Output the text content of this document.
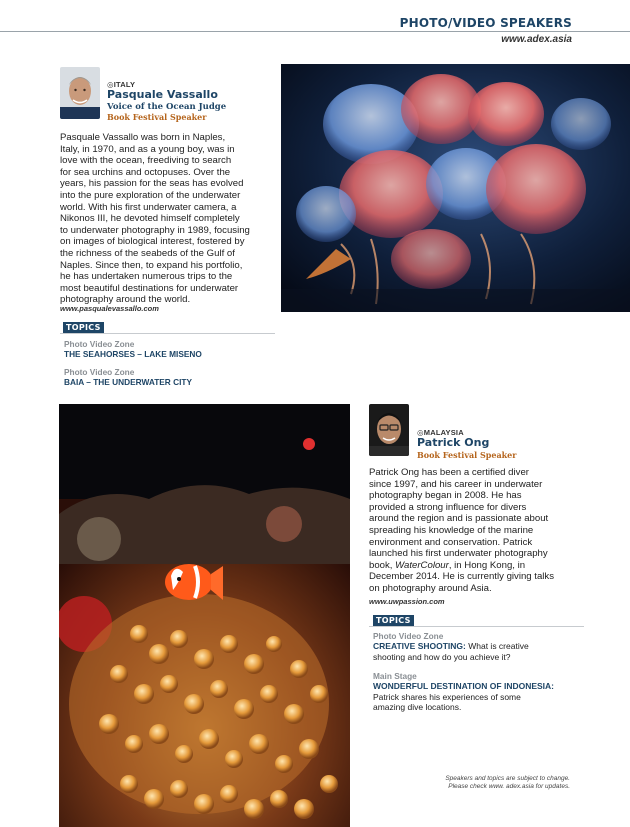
PHOTO/VIDEO SPEAKERS
www.adex.asia
◎ITALY
Pasquale Vassallo
Voice of the Ocean Judge
Book Festival Speaker
Pasquale Vassallo was born in Naples,
Italy, in 1970, and as a young boy, was in
love with the ocean, freediving to search
for sea urchins and octopuses. Over the
years, his passion for the seas has evolved
into the pure exploration of the underwater
world. With his first underwater camera, a
Nikonos III, he devoted himself completely
to underwater photography in 1989, focusing
on images of biological interest, fostered by
the richness of the seabeds of the Gulf of
Naples. Since then, to expand his portfolio,
he has undertaken numerous trips to the
most beautiful destinations for underwater
photography around the world.
www.pasqualevassallo.com
TOPICS
Photo Video Zone
THE SEAHORSES – LAKE MISENO
Photo Video Zone
BAIA – THE UNDERWATER CITY
◎MALAYSIA
Patrick Ong
Book Festival Speaker
Patrick Ong has been a certified diver
since 1997, and his career in underwater
photography began in 2008. He has
provided a strong influence for divers
around the region and is passionate about
spreading his knowledge of the marine
environment and conservation. Patrick
launched his first underwater photography
book, WaterColour, in Hong Kong, in
December 2014. He is currently giving talks
on photography around Asia.
www.uwpassion.com
TOPICS
Photo Video Zone
CREATIVE SHOOTING: What is creative
shooting and how do you achieve it?
Main Stage
WONDERFUL DESTINATION OF INDONESIA:
Patrick shares his experiences of some
amazing dive locations.
Speakers and topics are subject to change.
Please check www. adex.asia for updates.
